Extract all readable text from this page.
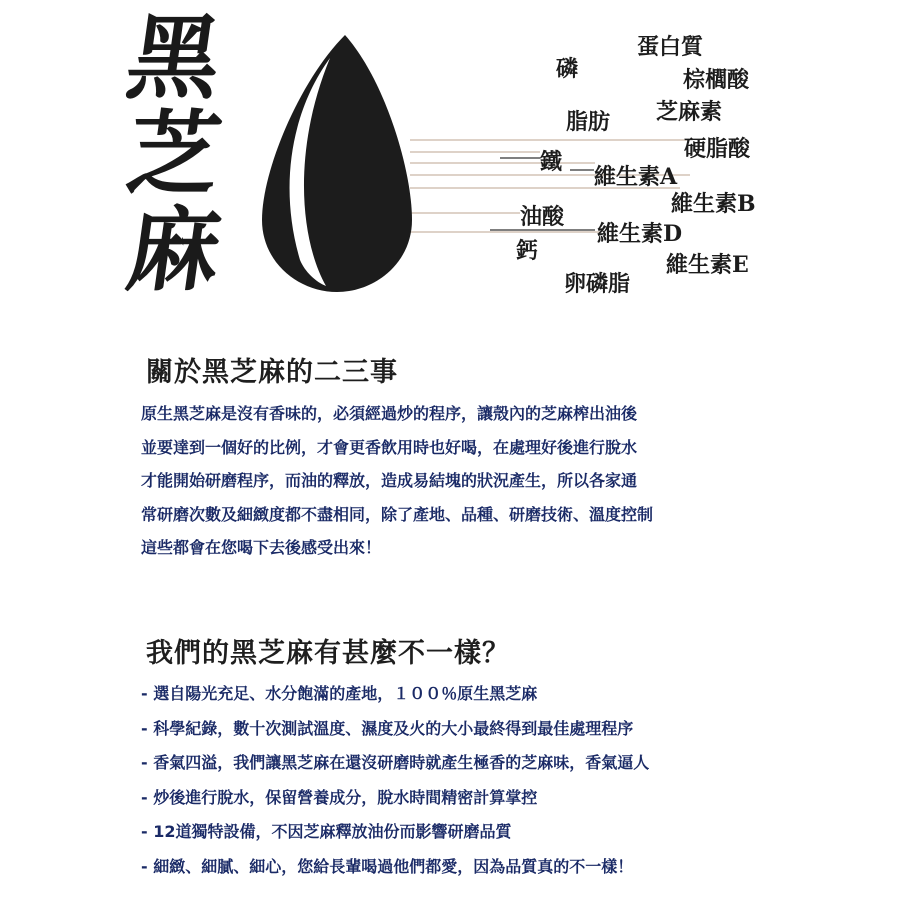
黑
芝
麻
磷
蛋白質
棕櫚酸
脂肪 芝麻素
硬脂酸
鐵
維生素A
維生素B
油酸
鈣
維生素D
維生素E
卵磷脂
關於黑芝麻的二三事
原生黑芝麻是沒有香味的，必須經過炒的程序，讓殼內的芝麻榨出油後
並要達到一個好的比例，才會更香飲用時也好喝，在處理好後進行脫水
才能開始研磨程序，而油的釋放，造成易結塊的狀況產生，所以各家通
常研磨次數及細緻度都不盡相同，除了產地、品種、研磨技術、溫度控制
這些都會在您喝下去後感受出來！
我們的黑芝麻有甚麼不一樣？
- 選自陽光充足、水分飽滿的產地，１００％原生黑芝麻
- 科學紀錄，數十次測試溫度、濕度及火的大小最終得到最佳處理程序
- 香氣四溢，我們讓黑芝麻在還沒研磨時就產生極香的芝麻味，香氣逼人
- 炒後進行脫水，保留營養成分，脫水時間精密計算掌控
- 12道獨特設備，不因芝麻釋放油份而影響研磨品質
- 細緻、細膩、細心，您給長輩喝過他們都愛，因為品質真的不一樣！
